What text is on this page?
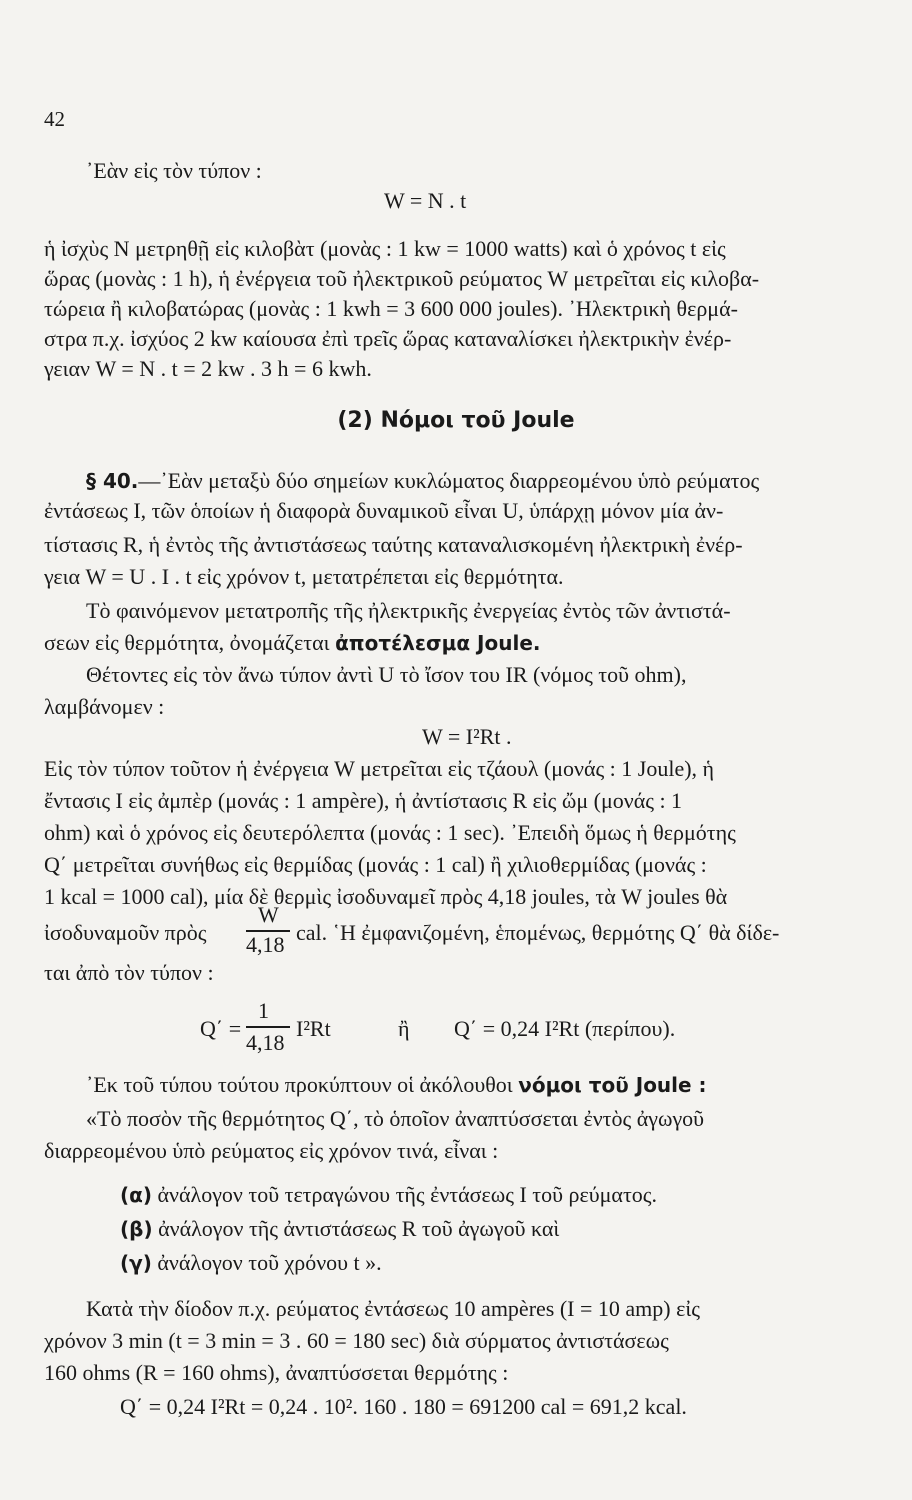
42
᾿Εὰν εἰς τὸν τύπον :
W = N . t
ἡ ἰσχὺς N μετρηθῇ εἰς κιλοβὰτ (μονὰς : 1 kw = 1000 watts) καὶ ὁ χρόνος t εἰς
ὥρας (μονὰς : 1 h), ἡ ἐνέργεια τοῦ ἠλεκτρικοῦ ρεύματος W μετρεῖται εἰς κιλοβα-
τώρεια ἢ κιλοβατώρας (μονὰς : 1 kwh = 3 600 000 joules). ᾿Ηλεκτρικὴ θερμά-
στρα π.χ. ἰσχύος 2 kw καίουσα ἐπὶ τρεῖς ὥρας καταναλίσκει ἠλεκτρικὴν ἐνέρ-
γειαν W = N . t = 2 kw . 3 h = 6 kwh.
(2) Νόμοι τοῦ Joule
§ 40.—᾿Εὰν μεταξὺ δύο σημείων κυκλώματος διαρρεομένου ὑπὸ ρεύματος
ἐντάσεως I, τῶν ὁποίων ἡ διαφορὰ δυναμικοῦ εἶναι U, ὑπάρχῃ μόνον μία ἀν-
τίστασις R, ἡ ἐντὸς τῆς ἀντιστάσεως ταύτης καταναλισκομένη ἠλεκτρικὴ ἐνέρ-
γεια W = U . I . t εἰς χρόνον t, μετατρέπεται εἰς θερμότητα.
Τὸ φαινόμενον μετατροπῆς τῆς ἠλεκτρικῆς ἐνεργείας ἐντὸς τῶν ἀντιστά-
σεων εἰς θερμότητα, ὀνομάζεται ἀποτέλεσμα Joule.
Θέτοντες εἰς τὸν ἄνω τύπον ἀντὶ U τὸ ἴσον του IR (νόμος τοῦ ohm),
λαμβάνομεν :
W = I²Rt .
Εἰς τὸν τύπον τοῦτον ἡ ἐνέργεια W μετρεῖται εἰς τζάουλ (μονάς : 1 Joule), ἡ
ἔντασις I εἰς ἀμπὲρ (μονάς : 1 ampère), ἡ ἀντίστασις R εἰς ὤμ (μονάς : 1
ohm) καὶ ὁ χρόνος εἰς δευτερόλεπτα (μονάς : 1 sec). ᾿Επειδὴ ὅμως ἡ θερμότης
Q΄ μετρεῖται συνήθως εἰς θερμίδας (μονάς : 1 cal) ἢ χιλιοθερμίδας (μονάς :
1 kcal = 1000 cal), μία δὲ θερμὶς ἰσοδυναμεῖ πρὸς 4,18 joules, τὰ W joules θὰ
ἰσοδυναμοῦν πρὸς
W
4,18 cal. ῾Η ἐμφανιζομένη, ἑπομένως, θερμότης Q΄ θὰ δίδε-
ται ἀπὸ τὸν τύπον :
Q΄ =
1
4,18
I²Rt	ἢ Q΄ = 0,24 I²Rt (περίπου).
᾿Εκ τοῦ τύπου τούτου προκύπτουν οἱ ἀκόλουθοι νόμοι τοῦ Joule :
«Τὸ ποσὸν τῆς θερμότητος Q΄, τὸ ὁποῖον ἀναπτύσσεται ἐντὸς ἀγωγοῦ
διαρρεομένου ὑπὸ ρεύματος εἰς χρόνον τινά, εἶναι :
(α) ἀνάλογον τοῦ τετραγώνου τῆς ἐντάσεως I τοῦ ρεύματος.
(β) ἀνάλογον τῆς ἀντιστάσεως R τοῦ ἀγωγοῦ καὶ
(γ) ἀνάλογον τοῦ χρόνου t ».
Κατὰ τὴν δίοδον π.χ. ρεύματος ἐντάσεως 10 ampères (I = 10 amp) εἰς
χρόνον 3 min (t = 3 min = 3 . 60 = 180 sec) διὰ σύρματος ἀντιστάσεως
160 ohms (R = 160 ohms), ἀναπτύσσεται θερμότης :
Q΄ = 0,24 I²Rt = 0,24 . 10². 160 . 180 = 691200 cal = 691,2 kcal.
